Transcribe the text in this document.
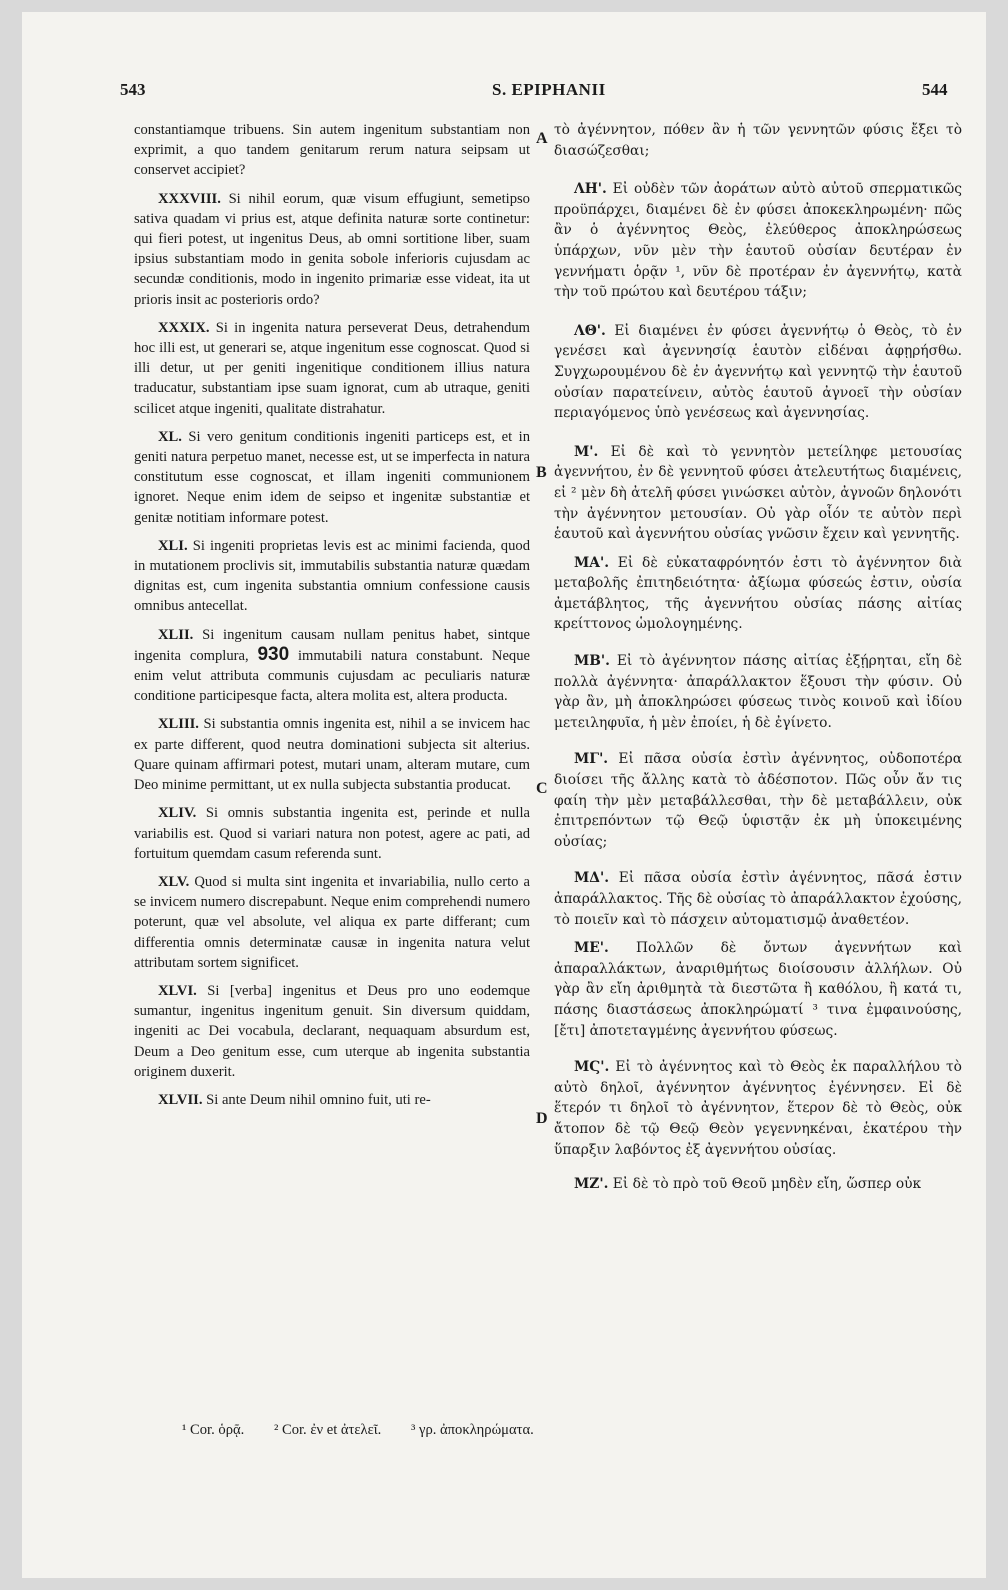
543	S. EPIPHANII	544
A
B
C
D

constantiamque tribuens. Sin autem ingenitum substantiam non exprimit, a quo tandem genitarum rerum natura seipsam ut conservet accipiet?

XXXVIII. Si nihil eorum, quæ visum effugiunt, semetipso sativa quadam vi prius est, atque definita naturæ sorte continetur: qui fieri potest, ut ingenitus Deus, ab omni sortitione liber, suam ipsius substantiam modo in genita sobole inferioris cujusdam ac secundæ conditionis, modo in ingenito primariæ esse videat, ita ut prioris insit ac posterioris ordo?

XXXIX. Si in ingenita natura perseverat Deus, detrahendum hoc illi est, ut generari se, atque ingenitum esse cognoscat. Quod si illi detur, ut per geniti ingenitique conditionem illius natura traducatur, substantiam ipse suam ignorat, cum ab utraque, geniti scilicet atque ingeniti, qualitate distrahatur.

XL. Si vero genitum conditionis ingeniti particeps est, et in geniti natura perpetuo manet, necesse est, ut se imperfecta in natura constitutum esse cognoscat, et illam ingeniti communionem ignoret. Neque enim idem de seipso et ingenitæ substantiæ et genitæ notitiam informare potest.

XLI. Si ingeniti proprietas levis est ac minimi facienda, quod in mutationem proclivis sit, immutabilis substantia naturæ quædam dignitas est, cum ingenita substantia omnium confessione causis omnibus antecellat.

XLII. Si ingenitum causam nullam penitus habet, sintque ingenita complura, 930 immutabili natura constabunt. Neque enim velut attributa communis cujusdam ac peculiaris naturæ conditione participesque facta, altera molita est, altera producta.

XLIII. Si substantia omnis ingenita est, nihil a se invicem hac ex parte different, quod neutra dominationi subjecta sit alterius. Quare quinam affirmari potest, mutari unam, alteram mutare, cum Deo minime permittant, ut ex nulla subjecta substantia producat.

XLIV. Si omnis substantia ingenita est, perinde et nulla variabilis est. Quod si variari natura non potest, agere ac pati, ad fortuitum quemdam casum referenda sunt.

XLV. Quod si multa sint ingenita et invariabilia, nullo certo a se invicem numero discrepabunt. Neque enim comprehendi numero poterunt, quæ vel absolute, vel aliqua ex parte differant; cum differentia omnis determinatæ causæ in ingenita natura velut attributam sortem significet.

XLVI. Si [verba] ingenitus et Deus pro uno eodemque sumantur, ingenitus ingenitum genuit. Sin diversum quiddam, ingeniti ac Dei vocabula, declarant, nequaquam absurdum est, Deum a Deo genitum esse, cum uterque ab ingenita substantia originem duxerit.

XLVII. Si ante Deum nihil omnino fuit, uti re-

τὸ ἀγέννητον, πόθεν ἂν ἡ τῶν γεννητῶν φύσις ἔξει τὸ διασώζεσθαι;

ΛΗ'. Εἰ οὐδὲν τῶν ἀοράτων αὐτὸ αὐτοῦ σπερματικῶς προϋπάρχει, διαμένει δὲ ἐν φύσει ἀποκεκληρωμένη· πῶς ἂν ὁ ἀγέννητος Θεὸς, ἐλεύθερος ἀποκληρώσεως ὑπάρχων, νῦν μὲν τὴν ἑαυτοῦ οὐσίαν δευτέραν ἐν γεννήματι ὁρᾷν ¹, νῦν δὲ προτέραν ἐν ἀγεννήτῳ, κατὰ τὴν τοῦ πρώτου καὶ δευτέρου τάξιν;

ΛΘ'. Εἰ διαμένει ἐν φύσει ἀγεννήτῳ ὁ Θεὸς, τὸ ἐν γενέσει καὶ ἀγεννησίᾳ ἑαυτὸν εἰδέναι ἀφῃρήσθω. Συγχωρουμένου δὲ ἐν ἀγεννήτῳ καὶ γεννητῷ τὴν ἑαυτοῦ οὐσίαν παρατείνειν, αὐτὸς ἑαυτοῦ ἀγνοεῖ τὴν οὐσίαν περιαγόμενος ὑπὸ γενέσεως καὶ ἀγεννησίας.

Μ'. Εἰ δὲ καὶ τὸ γεννητὸν μετείληφε μετουσίας ἀγεννήτου, ἐν δὲ γεννητοῦ φύσει ἀτελευτήτως διαμένεις, εἰ ² μὲν δὴ ἀτελῆ φύσει γινώσκει αὐτὸν, ἀγνοῶν δηλονότι τὴν ἀγέννητον μετουσίαν. Οὐ γὰρ οἷόν τε αὐτὸν περὶ ἑαυτοῦ καὶ ἀγεννήτου οὐσίας γνῶσιν ἔχειν καὶ γεννητῆς.

ΜΑ'. Εἰ δὲ εὐκαταφρόνητόν ἐστι τὸ ἀγέννητον διὰ μεταβολῆς ἐπιτηδειότητα· ἀξίωμα φύσεώς ἐστιν, οὐσία ἀμετάβλητος, τῆς ἀγεννήτου οὐσίας πάσης αἰτίας κρείττονος ὡμολογημένης.

ΜΒ'. Εἰ τὸ ἀγέννητον πάσης αἰτίας ἐξῄρηται, εἴη δὲ πολλὰ ἀγέννητα· ἀπαράλλακτον ἕξουσι τὴν φύσιν. Οὐ γὰρ ἂν, μὴ ἀποκληρώσει φύσεως τινὸς κοινοῦ καὶ ἰδίου μετειληφυῖα, ἡ μὲν ἐποίει, ἡ δὲ ἐγίνετο.

ΜΓ'. Εἰ πᾶσα οὐσία ἐστὶν ἀγέννητος, οὐδοποτέρα διοίσει τῆς ἄλλης κατὰ τὸ ἀδέσποτον. Πῶς οὖν ἄν τις φαίη τὴν μὲν μεταβάλλεσθαι, τὴν δὲ μεταβάλλειν, οὐκ ἐπιτρεπόντων τῷ Θεῷ ὑφιστᾷν ἐκ μὴ ὑποκειμένης οὐσίας;

ΜΔ'. Εἰ πᾶσα οὐσία ἐστὶν ἀγέννητος, πᾶσά ἐστιν ἀπαράλλακτος. Τῆς δὲ οὐσίας τὸ ἀπαράλλακτον ἐχούσης, τὸ ποιεῖν καὶ τὸ πάσχειν αὐτοματισμῷ ἀναθετέον.

ΜΕ'. Πολλῶν δὲ ὄντων ἀγεννήτων καὶ ἀπαραλλάκτων, ἀναριθμήτως διοίσουσιν ἀλλήλων. Οὐ γὰρ ἂν εἴη ἀριθμητὰ τὰ διεστῶτα ἢ καθόλου, ἢ κατά τι, πάσης διαστάσεως ἀποκληρώματί ³ τινα ἐμφαινούσης, [ἔτι] ἀποτεταγμένης ἀγεννήτου φύσεως.

ΜϚ'. Εἰ τὸ ἀγέννητος καὶ τὸ Θεὸς ἐκ παραλλήλου τὸ αὐτὸ δηλοῖ, ἀγέννητον ἀγέννητος ἐγέννησεν. Εἰ δὲ ἕτερόν τι δηλοῖ τὸ ἀγέννητον, ἕτερον δὲ τὸ Θεὸς, οὐκ ἄτοπον δὲ τῷ Θεῷ Θεὸν γεγεννηκέναι, ἑκατέρου τὴν ὕπαρξιν λαβόντος ἐξ ἀγεννήτου οὐσίας.

ΜΖ'. Εἰ δὲ τὸ πρὸ τοῦ Θεοῦ μηδὲν εἴη, ὥσπερ οὐκ

¹ Cor. ὁρᾷ. ² Cor. ἐν et ἀτελεῖ. ³ γρ. ἀποκληρώματα.
